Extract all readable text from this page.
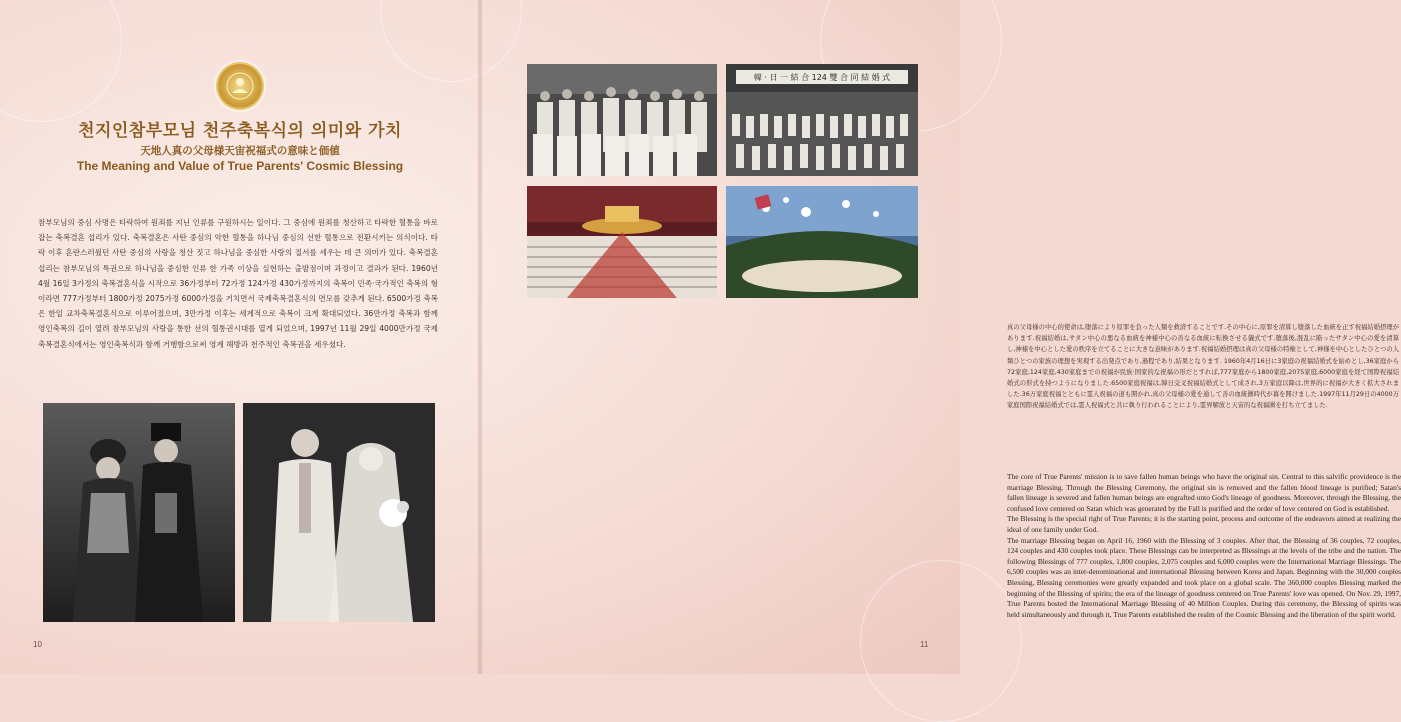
천지인참부모님 천주축복식의 의미와 가치
天地人真の父母様天宙祝福式の意味と価値
The Meaning and Value of True Parents' Cosmic Blessing

참부모님의 중심 사명은 타락하여 원죄를 지닌 인류를 구원하시는 일이다. 그 중심에 원죄를 청산하고 타락한 혈통을 바로잡는 축복결혼 섭리가 있다. 축복결혼은 사탄 중심의 악한 혈통을 하나님 중심의 선한 혈통으로 전환시키는 의식이다. 타락 이후 혼란스러웠던 사탄 중심의 사랑을 청산 짓고 하나님을 중심한 사랑의 질서를 세우는 데 큰 의미가 있다. 축복결혼 섭리는 참부모님의 특권으로 하나님을 중심한 인류 한 가족 이상을 실현하는 출발점이며 과정이고 결과가 된다. 1960년 4월 16일 3가정의 축복결혼식을 시작으로 36가정부터 72가정 124가정 430가정까지의 축복이 민족·국가적인 축복의 형이라면 777가정부터 1800가정 2075가정 6000가정을 거치면서 국제축복결혼식의 면모를 갖추게 된다. 6500가정 축복은 한일 교차축복결혼식으로 이루어졌으며, 3만가정 이후는 세계적으로 축복이 크게 확대되었다. 36만가정 축복과 함께 영인축복의 길이 열려 참부모님의 사랑을 통한 선의 혈통권시대를 열게 되었으며, 1997년 11월 29일 4000만가정 국제축복결혼식에서는 영인축복식과 함께 거행함으로써 영계 해방과 천주적인 축복권을 세우셨다.

10
韓 · 日 一 結 合 124 雙 合 同 結 婚 式

真の父母様の中心的使命は,堕落により原罪を負った人類を救済することです.その中心に,原罪を清算し堕落した血統を正す祝福結婚摂理があります.祝福結婚は,サタン中心の悪なる血統を神様中心の善なる血統に転換させる儀式です.堕落後,混乱に陥ったサタン中心の愛を清算し,神様を中心とした愛の秩序を立てることに大きな意味があります.祝福結婚摂理は真の父母様の特権として,神様を中心としたひとつの人類ひとつの家族の理想を実現する出発点であり,過程であり,結果となります. 1960年4月16日に3家庭の祝福結婚式を始めとし,36家庭から72家庭,124家庭,430家庭までの祝福が民族·国家的な祝福の形だとすれば,777家庭から1800家庭,2075家庭,6000家庭を経て国際祝福結婚式の形式を持つようになりました.6500家庭祝福は,韓日交叉祝福結婚式として成され,3万家庭以降は,世界的に祝福が大きく拡大されました.36万家庭祝福とともに霊人祝福の道も開かれ,真の父母様の愛を通して善の血統圏時代が幕を開けました.1997年11月29日の4000万家庭国際祝福結婚式では,霊人祝福式と共に執り行われることにより,霊界解放と天宙的な祝福圏を打ち立てました.

The core of True Parents' mission is to save fallen human beings who have the original sin. Central to this salvific providence is the marriage Blessing. Through the Blessing Ceremony, the original sin is removed and the fallen blood lineage is purified; Satan's fallen lineage is severed and fallen human beings are engrafted unto God's lineage of goodness. Moreover, through the Blessing, the confused love centered on Satan which was generated by the Fall is purified and the order of love centered on God is established.

The Blessing is the special right of True Parents; it is the starting point, process and outcome of the endeavors aimed at realizing the ideal of one family under God.

The marriage Blessing began on April 16, 1960 with the Blessing of 3 couples. After that, the Blessing of 36 couples, 72 couples, 124 couples and 430 couples took place. These Blessings can be interpreted as Blessings at the levels of the tribe and the nation. The following Blessings of 777 couples, 1,800 couples, 2,075 couples and 6,000 couples were the International Marriage Blessings. The 6,500 couples was an inter-denominational and international Blessing between Korea and Japan. Beginning with the 30,000 couples Blessing, Blessing ceremonies were greatly expanded and took place on a global scale. The 360,000 couples Blessing marked the beginning of the Blessing of spirits; the era of the lineage of goodness centered on True Parents' love was opened. On Nov. 29, 1997, True Parents hosted the International Marriage Blessing of 40 Million Couples. During this ceremony, the Blessing of spirits was held simultaneously and through it, True Parents established the realm of the Cosmic Blessing and the liberation of the spirit world.

11
